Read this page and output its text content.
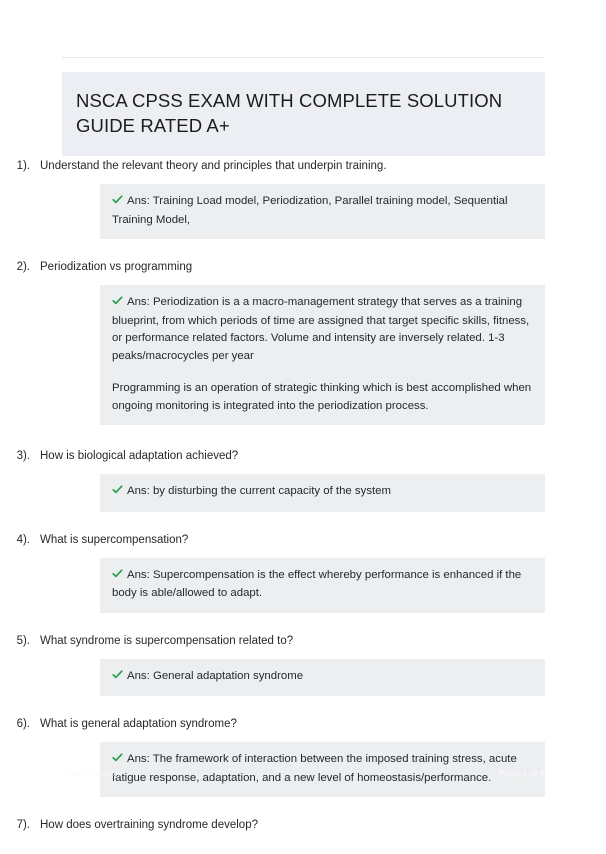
NSCA CPSS EXAM WITH COMPLETE SOLUTION GUIDE RATED A+
1). Understand the relevant theory and principles that underpin training.

Ans: Training Load model, Periodization, Parallel training model, Sequential Training Model,

2). Periodization vs programming

Ans: Periodization is a a macro-management strategy that serves as a training blueprint, from which periods of time are assigned that target specific skills, fitness, or performance related factors. Volume and intensity are inversely related. 1-3 peaks/macrocycles per year

Programming is an operation of strategic thinking which is best accomplished when ongoing monitoring is integrated into the periodization process.

3). How is biological adaptation achieved?

Ans: by disturbing the current capacity of the system

4). What is supercompensation?

Ans: Supercompensation is the effect whereby performance is enhanced if the body is able/allowed to adapt.

5). What syndrome is supercompensation related to?

Ans: General adaptation syndrome

6). What is general adaptation syndrome?

Ans: The framework of interaction between the imposed training stress, acute fatigue response, adaptation, and a new level of homeostasis/performance.

7). How does overtraining syndrome develop?
PaperStoc.com	Page 1 of 8
